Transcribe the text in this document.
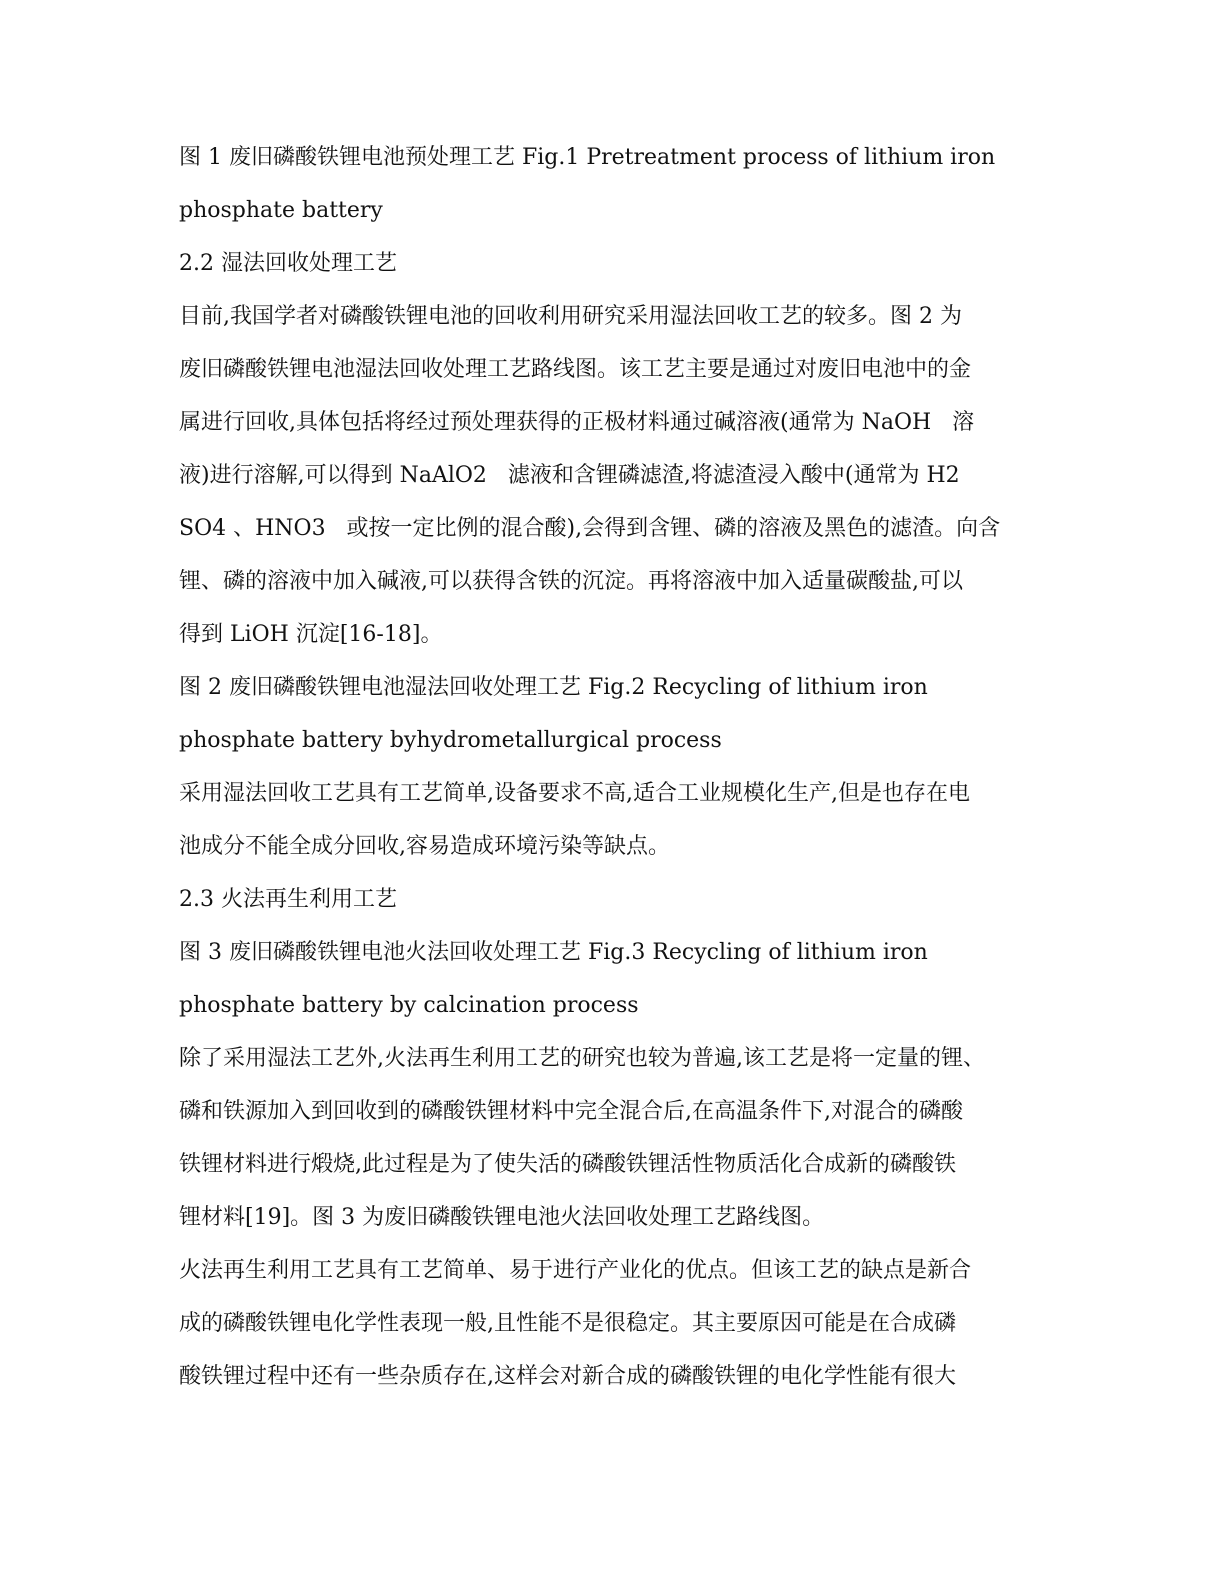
图 1 废旧磷酸铁锂电池预处理工艺 Fig.1 Pretreatment process of lithium iron
phosphate battery
2.2 湿法回收处理工艺
目前,我国学者对磷酸铁锂电池的回收利用研究采用湿法回收工艺的较多。图 2 为
废旧磷酸铁锂电池湿法回收处理工艺路线图。该工艺主要是通过对废旧电池中的金
属进行回收,具体包括将经过预处理获得的正极材料通过碱溶液(通常为 NaOH   溶
液)进行溶解,可以得到 NaAlO2   滤液和含锂磷滤渣,将滤渣浸入酸中(通常为 H2
SO4 、HNO3   或按一定比例的混合酸),会得到含锂、磷的溶液及黑色的滤渣。向含
锂、磷的溶液中加入碱液,可以获得含铁的沉淀。再将溶液中加入适量碳酸盐,可以
得到 LiOH 沉淀[16-18]。
图 2 废旧磷酸铁锂电池湿法回收处理工艺 Fig.2 Recycling of lithium iron
phosphate battery byhydrometallurgical process
采用湿法回收工艺具有工艺简单,设备要求不高,适合工业规模化生产,但是也存在电
池成分不能全成分回收,容易造成环境污染等缺点。
2.3 火法再生利用工艺
图 3 废旧磷酸铁锂电池火法回收处理工艺 Fig.3 Recycling of lithium iron
phosphate battery by calcination process
除了采用湿法工艺外,火法再生利用工艺的研究也较为普遍,该工艺是将一定量的锂、
磷和铁源加入到回收到的磷酸铁锂材料中完全混合后,在高温条件下,对混合的磷酸
铁锂材料进行煅烧,此过程是为了使失活的磷酸铁锂活性物质活化合成新的磷酸铁
锂材料[19]。图 3 为废旧磷酸铁锂电池火法回收处理工艺路线图。
火法再生利用工艺具有工艺简单、易于进行产业化的优点。但该工艺的缺点是新合
成的磷酸铁锂电化学性表现一般,且性能不是很稳定。其主要原因可能是在合成磷
酸铁锂过程中还有一些杂质存在,这样会对新合成的磷酸铁锂的电化学性能有很大
